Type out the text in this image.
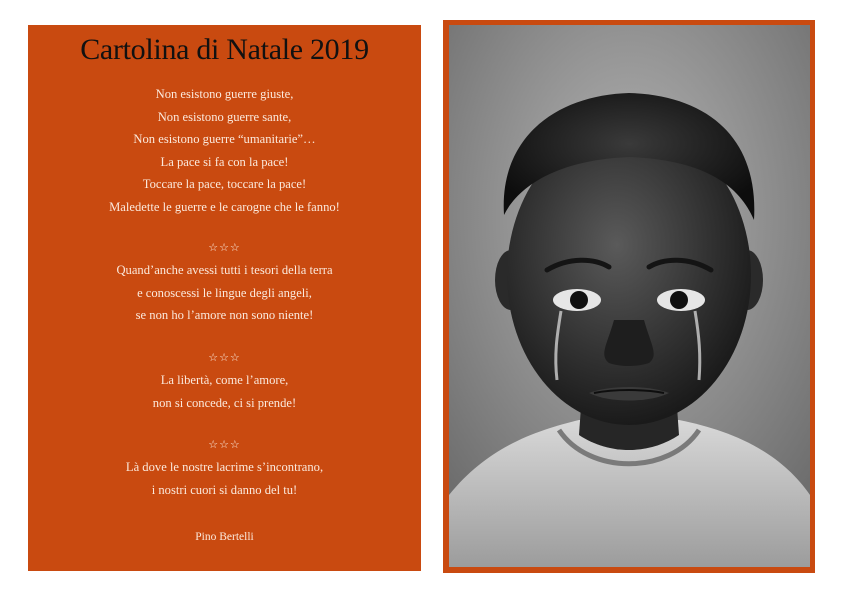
Cartolina di Natale 2019
Non esistono guerre giuste,
Non esistono guerre sante,
Non esistono guerre “umanitarie”…
La pace si fa con la pace!
Toccare la pace, toccare la pace!
Maledette le guerre e le carogne che le fanno!
☆☆☆
Quand’anche avessi tutti i tesori della terra
e conoscessi le lingue degli angeli,
se non ho l’amore non sono niente!
☆☆☆
La libertà, come l’amore,
non si concede, ci si prende!
☆☆☆
Là dove le nostre lacrime s’incontrano,
i nostri cuori si danno del tu!
Pino Bertelli
